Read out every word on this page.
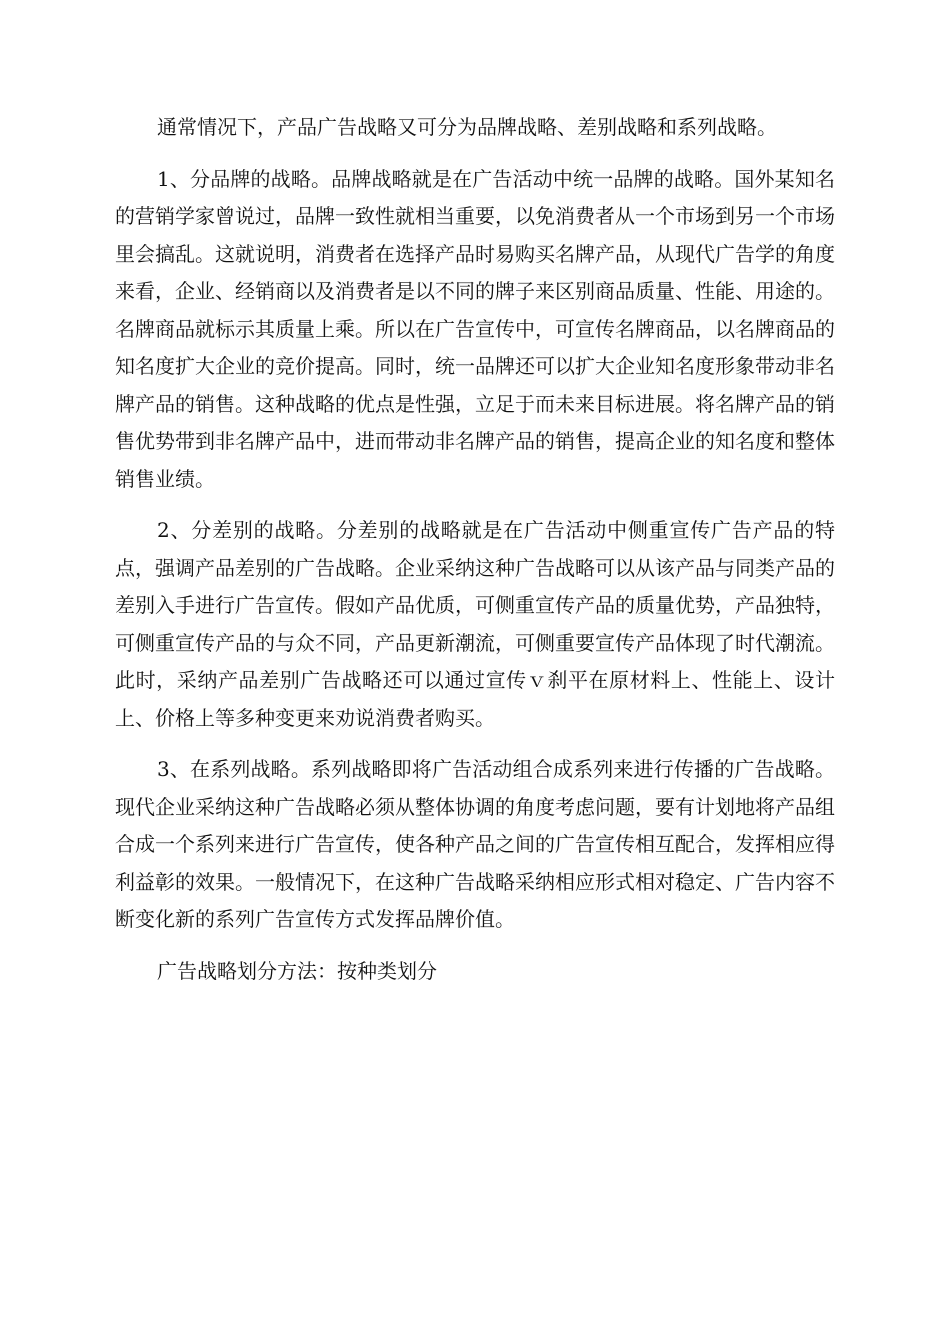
通常情况下，产品广告战略又可分为品牌战略、差别战略和系列战略。

1、分品牌的战略。品牌战略就是在广告活动中统一品牌的战略。国外某知名的营销学家曾说过，品牌一致性就相当重要，以免消费者从一个市场到另一个市场里会搞乱。这就说明，消费者在选择产品时易购买名牌产品，从现代广告学的角度来看，企业、经销商以及消费者是以不同的牌子来区别商品质量、性能、用途的。名牌商品就标示其质量上乘。所以在广告宣传中，可宣传名牌商品，以名牌商品的知名度扩大企业的竞价提高。同时，统一品牌还可以扩大企业知名度形象带动非名牌产品的销售。这种战略的优点是性强，立足于而未来目标进展。将名牌产品的销售优势带到非名牌产品中，进而带动非名牌产品的销售，提高企业的知名度和整体销售业绩。

2、分差别的战略。分差别的战略就是在广告活动中侧重宣传广告产品的特点，强调产品差别的广告战略。企业采纳这种广告战略可以从该产品与同类产品的差别入手进行广告宣传。假如产品优质，可侧重宣传产品的质量优势，产品独特，可侧重宣传产品的与众不同，产品更新潮流，可侧重要宣传产品体现了时代潮流。此时，采纳产品差别广告战略还可以通过宣传ｖ刹平在原材料上、性能上、设计上、价格上等多种变更来劝说消费者购买。

3、在系列战略。系列战略即将广告活动组合成系列来进行传播的广告战略。现代企业采纳这种广告战略必须从整体协调的角度考虑问题，要有计划地将产品组合成一个系列来进行广告宣传，使各种产品之间的广告宣传相互配合，发挥相应得利益彰的效果。一般情况下，在这种广告战略采纳相应形式相对稳定、广告内容不断变化新的系列广告宣传方式发挥品牌价值。

广告战略划分方法：按种类划分
